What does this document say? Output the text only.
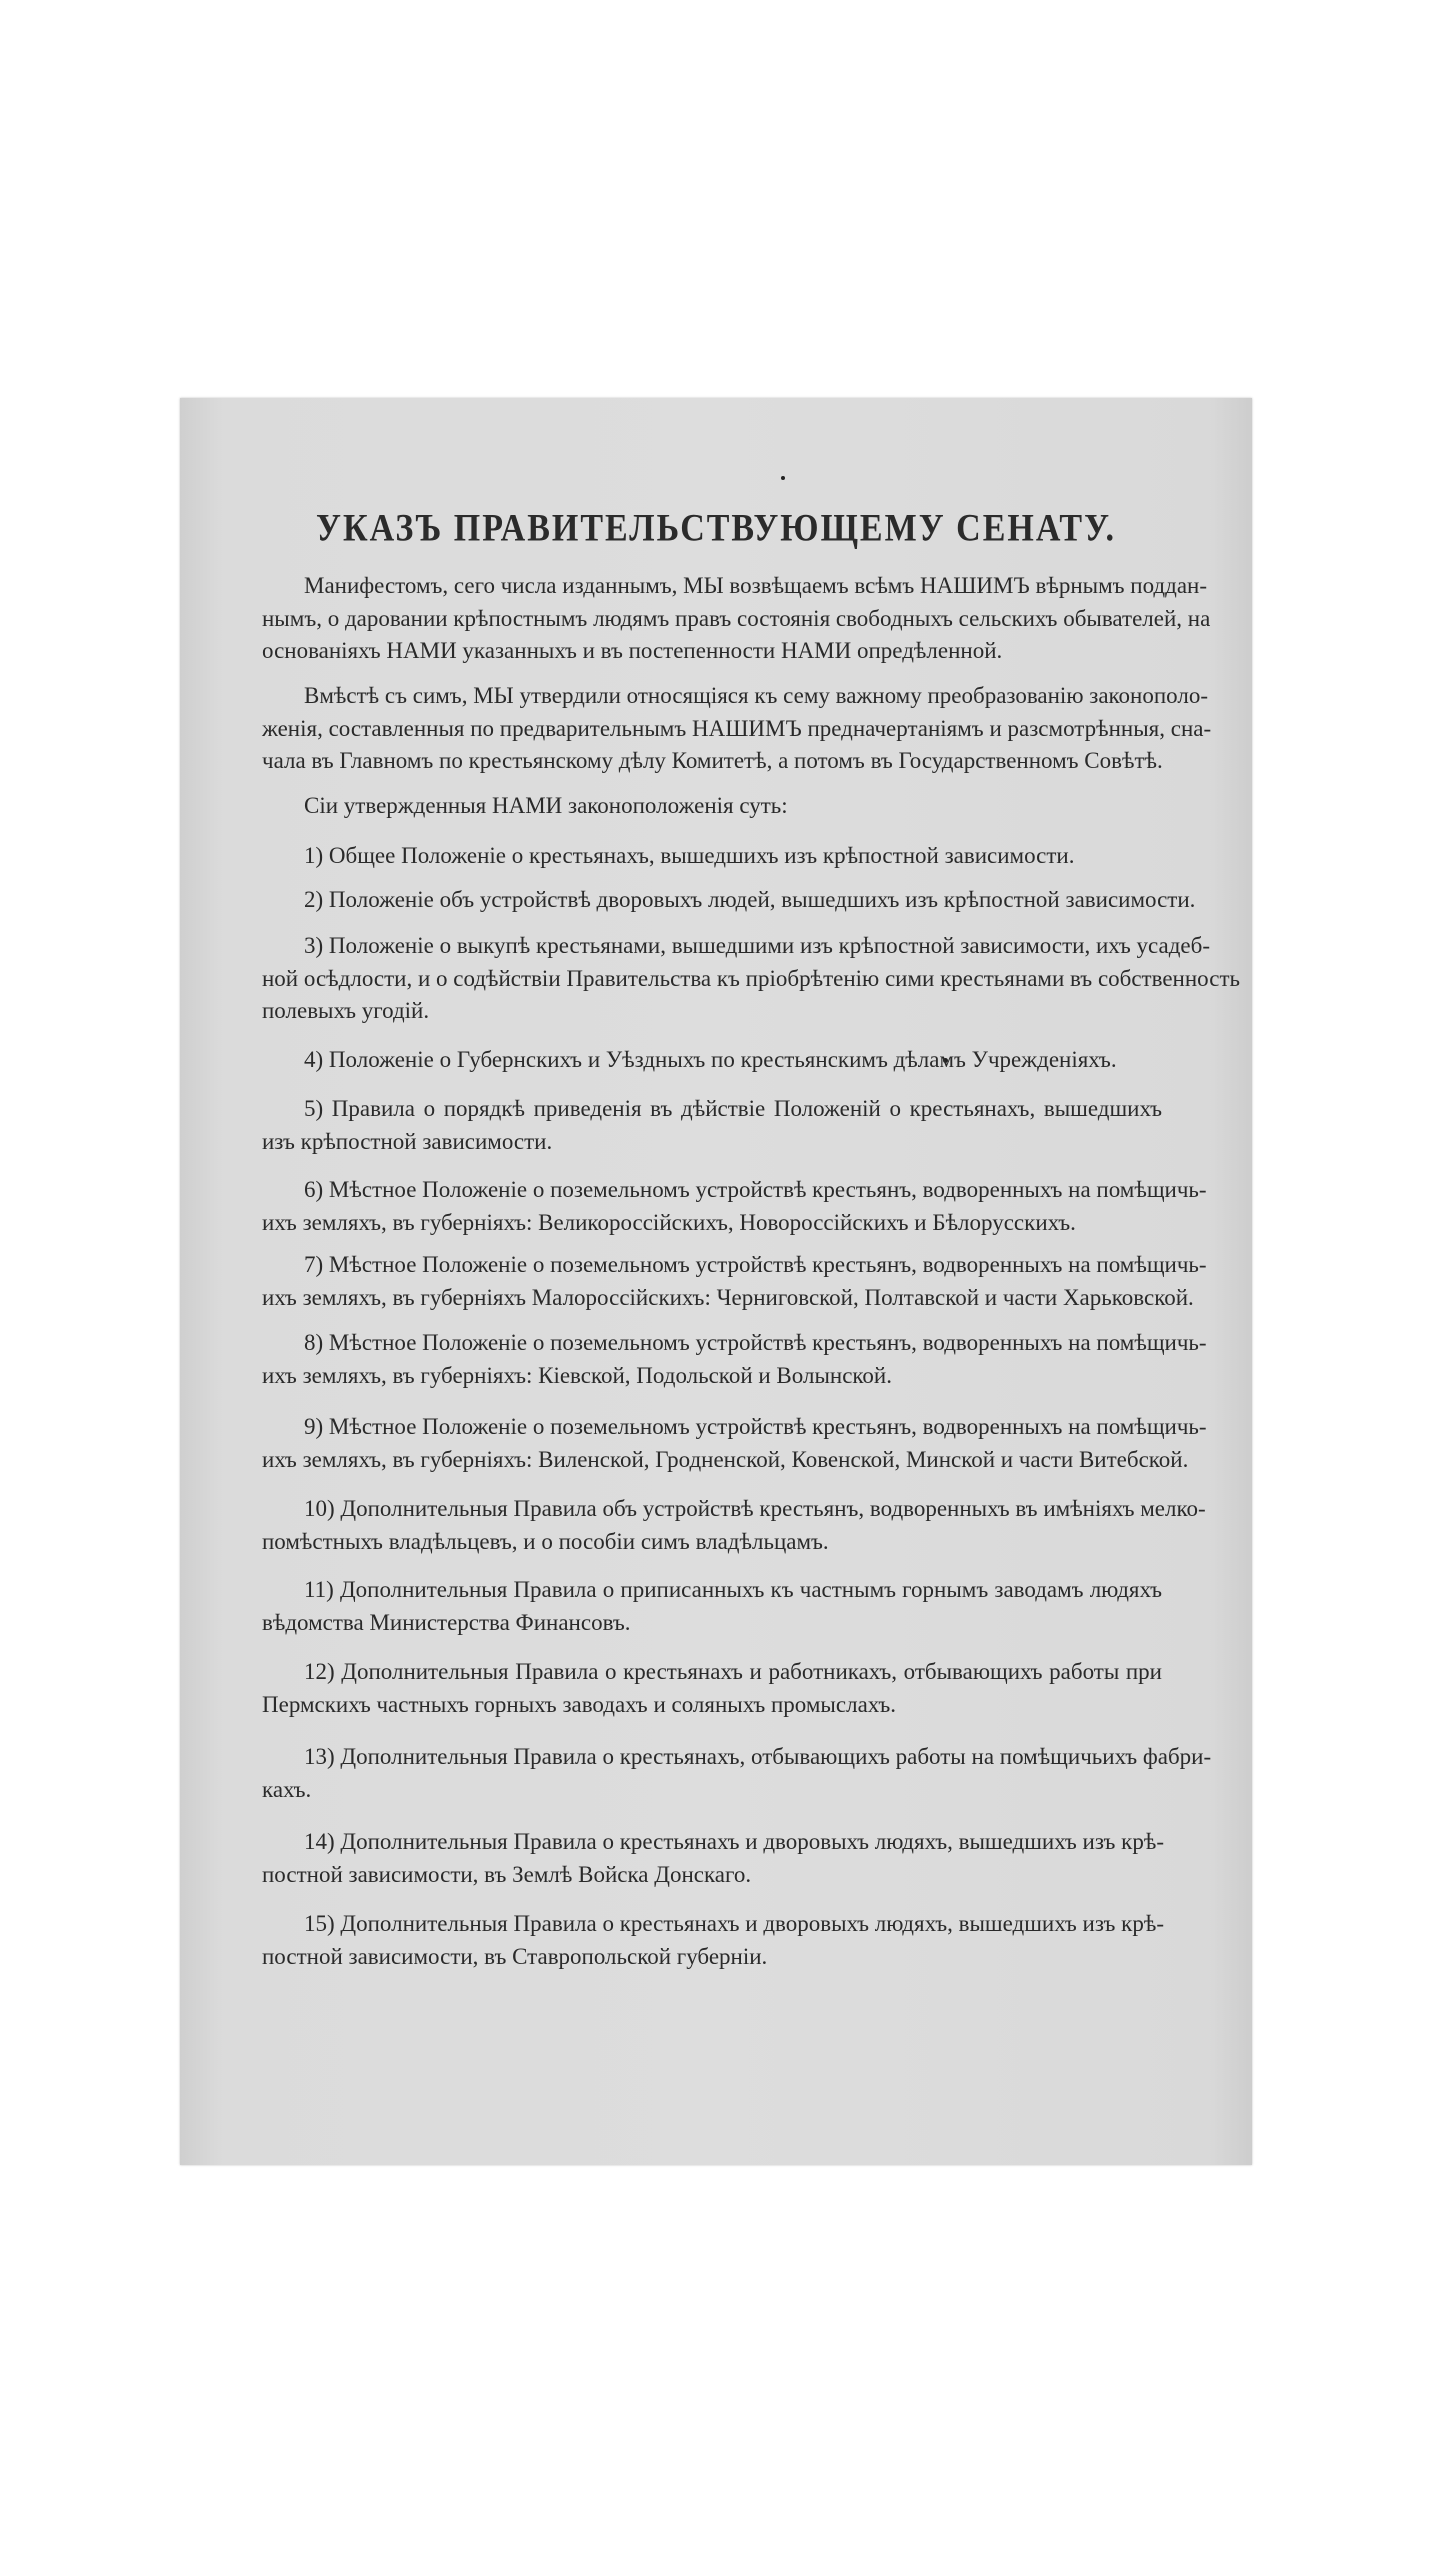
УКАЗЪ ПРАВИТЕЛЬСТВУЮЩЕМУ СЕНАТУ.
Манифестомъ, сего числа изданнымъ, МЫ возвѣщаемъ всѣмъ НАШИМЪ вѣрнымъ поддан-
нымъ, о даровании крѣпостнымъ людямъ правъ состоянія свободныхъ сельскихъ обывателей, на
основаніяхъ НАМИ указанныхъ и въ постепенности НАМИ опредѣленной.
Вмѣстѣ съ симъ, МЫ утвердили относящіяся къ сему важному преобразованію законополо-
женія, составленныя по предварительнымъ НАШИМЪ предначертаніямъ и разсмотрѣнныя, сна-
чала въ Главномъ по крестьянскому дѣлу Комитетѣ, а потомъ въ Государственномъ Совѣтѣ.
Сіи утвержденныя НАМИ законоположенія суть:
1) Общее Положеніе о крестьянахъ, вышедшихъ изъ крѣпостной зависимости.
2) Положеніе объ устройствѣ дворовыхъ людей, вышедшихъ изъ крѣпостной зависимости.
3) Положеніе о выкупѣ крестьянами, вышедшими изъ крѣпостной зависимости, ихъ усадеб-
ной осѣдлости, и о содѣйствіи Правительства къ пріобрѣтенію сими крестьянами въ собственность
полевыхъ угодій.
4) Положеніе о Губернскихъ и Уѣздныхъ по крестьянскимъ дѣламъ Учрежденіяхъ.
5) Правила о порядкѣ приведенія въ дѣйствіе Положеній о крестьянахъ, вышедшихъ
изъ крѣпостной зависимости.
6) Мѣстное Положеніе о поземельномъ устройствѣ крестьянъ, водворенныхъ на помѣщичь-
ихъ земляхъ, въ губерніяхъ: Великороссійскихъ, Новороссійскихъ и Бѣлорусскихъ.
7) Мѣстное Положеніе о поземельномъ устройствѣ крестьянъ, водворенныхъ на помѣщичь-
ихъ земляхъ, въ губерніяхъ Малороссійскихъ: Черниговской, Полтавской и части Харьковской.
8) Мѣстное Положеніе о поземельномъ устройствѣ крестьянъ, водворенныхъ на помѣщичь-
ихъ земляхъ, въ губерніяхъ: Кіевской, Подольской и Волынской.
9) Мѣстное Положеніе о поземельномъ устройствѣ крестьянъ, водворенныхъ на помѣщичь-
ихъ земляхъ, въ губерніяхъ: Виленской, Гродненской, Ковенской, Минской и части Витебской.
10) Дополнительныя Правила объ устройствѣ крестьянъ, водворенныхъ въ имѣніяхъ мелко-
помѣстныхъ владѣльцевъ, и о пособіи симъ владѣльцамъ.
11) Дополнительныя Правила о приписанныхъ къ частнымъ горнымъ заводамъ людяхъ
вѣдомства Министерства Финансовъ.
12) Дополнительныя Правила о крестьянахъ и работникахъ, отбывающихъ работы при
Пермскихъ частныхъ горныхъ заводахъ и соляныхъ промыслахъ.
13) Дополнительныя Правила о крестьянахъ, отбывающихъ работы на помѣщичьихъ фабри-
кахъ.
14) Дополнительныя Правила о крестьянахъ и дворовыхъ людяхъ, вышедшихъ изъ крѣ-
постной зависимости, въ Землѣ Войска Донскаго.
15) Дополнительныя Правила о крестьянахъ и дворовыхъ людяхъ, вышедшихъ изъ крѣ-
постной зависимости, въ Ставропольской губерніи.
